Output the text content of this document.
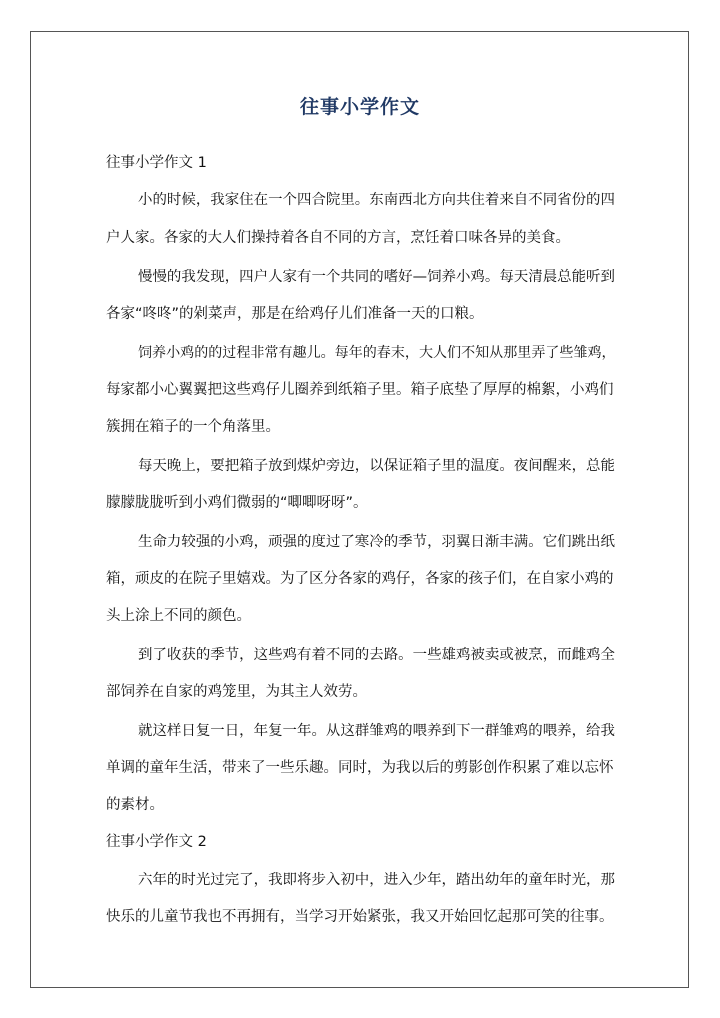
往事小学作文
往事小学作文 1
小的时候，我家住在一个四合院里。东南西北方向共住着来自不同省份的四
户人家。各家的大人们操持着各自不同的方言，烹饪着口味各异的美食。
慢慢的我发现，四户人家有一个共同的嗜好—饲养小鸡。每天清晨总能听到
各家“咚咚”的剁菜声，那是在给鸡仔儿们准备一天的口粮。
饲养小鸡的的过程非常有趣儿。每年的春末，大人们不知从那里弄了些雏鸡，
每家都小心翼翼把这些鸡仔儿圈养到纸箱子里。箱子底垫了厚厚的棉絮，小鸡们
簇拥在箱子的一个角落里。
每天晚上，要把箱子放到煤炉旁边，以保证箱子里的温度。夜间醒来，总能
朦朦胧胧听到小鸡们微弱的“唧唧呀呀”。
生命力较强的小鸡，顽强的度过了寒冷的季节，羽翼日渐丰满。它们跳出纸
箱，顽皮的在院子里嬉戏。为了区分各家的鸡仔，各家的孩子们，在自家小鸡的
头上涂上不同的颜色。
到了收获的季节，这些鸡有着不同的去路。一些雄鸡被卖或被烹，而雌鸡全
部饲养在自家的鸡笼里，为其主人效劳。
就这样日复一日，年复一年。从这群雏鸡的喂养到下一群雏鸡的喂养，给我
单调的童年生活，带来了一些乐趣。同时，为我以后的剪影创作积累了难以忘怀
的素材。
往事小学作文 2
六年的时光过完了，我即将步入初中，进入少年，踏出幼年的童年时光，那
快乐的儿童节我也不再拥有，当学习开始紧张，我又开始回忆起那可笑的往事。
